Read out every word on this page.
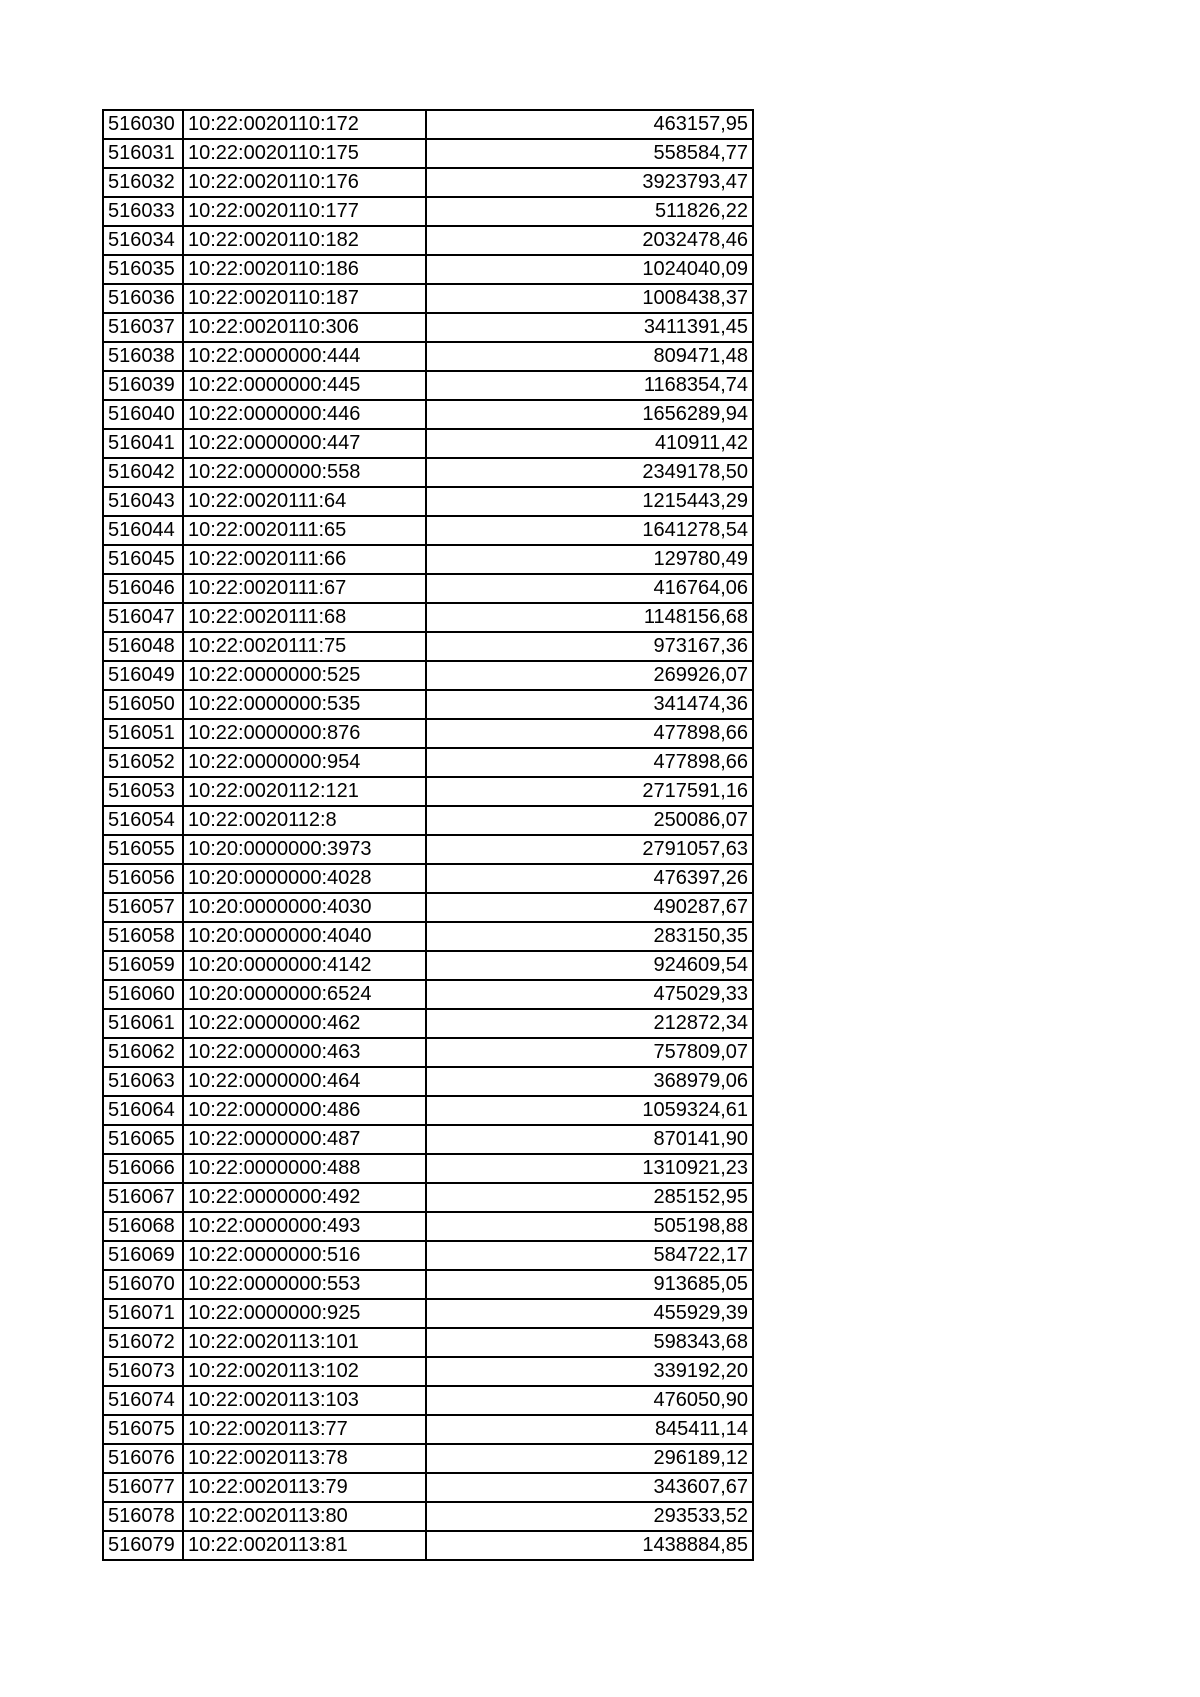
516030	10:22:0020110:172	463157,95
516031	10:22:0020110:175	558584,77
516032	10:22:0020110:176	3923793,47
516033	10:22:0020110:177	511826,22
516034	10:22:0020110:182	2032478,46
516035	10:22:0020110:186	1024040,09
516036	10:22:0020110:187	1008438,37
516037	10:22:0020110:306	3411391,45
516038	10:22:0000000:444	809471,48
516039	10:22:0000000:445	1168354,74
516040	10:22:0000000:446	1656289,94
516041	10:22:0000000:447	410911,42
516042	10:22:0000000:558	2349178,50
516043	10:22:0020111:64	1215443,29
516044	10:22:0020111:65	1641278,54
516045	10:22:0020111:66	129780,49
516046	10:22:0020111:67	416764,06
516047	10:22:0020111:68	1148156,68
516048	10:22:0020111:75	973167,36
516049	10:22:0000000:525	269926,07
516050	10:22:0000000:535	341474,36
516051	10:22:0000000:876	477898,66
516052	10:22:0000000:954	477898,66
516053	10:22:0020112:121	2717591,16
516054	10:22:0020112:8	250086,07
516055	10:20:0000000:3973	2791057,63
516056	10:20:0000000:4028	476397,26
516057	10:20:0000000:4030	490287,67
516058	10:20:0000000:4040	283150,35
516059	10:20:0000000:4142	924609,54
516060	10:20:0000000:6524	475029,33
516061	10:22:0000000:462	212872,34
516062	10:22:0000000:463	757809,07
516063	10:22:0000000:464	368979,06
516064	10:22:0000000:486	1059324,61
516065	10:22:0000000:487	870141,90
516066	10:22:0000000:488	1310921,23
516067	10:22:0000000:492	285152,95
516068	10:22:0000000:493	505198,88
516069	10:22:0000000:516	584722,17
516070	10:22:0000000:553	913685,05
516071	10:22:0000000:925	455929,39
516072	10:22:0020113:101	598343,68
516073	10:22:0020113:102	339192,20
516074	10:22:0020113:103	476050,90
516075	10:22:0020113:77	845411,14
516076	10:22:0020113:78	296189,12
516077	10:22:0020113:79	343607,67
516078	10:22:0020113:80	293533,52
516079	10:22:0020113:81	1438884,85
